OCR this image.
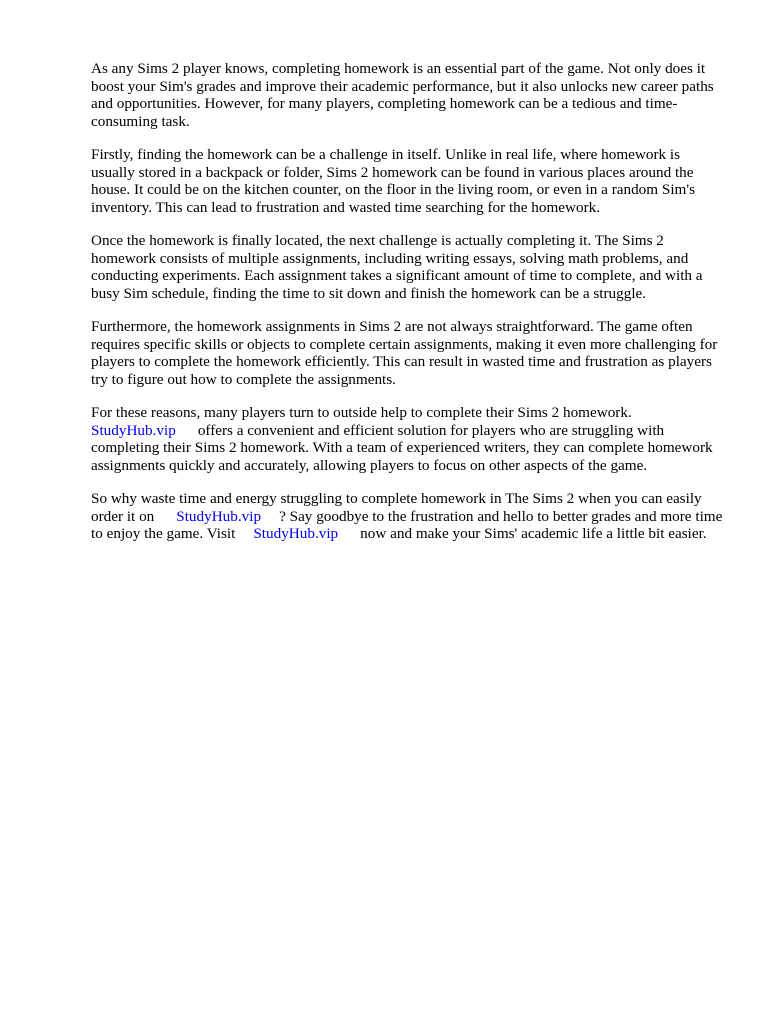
As any Sims 2 player knows, completing homework is an essential part of the game. Not only does it boost your Sim's grades and improve their academic performance, but it also unlocks new career paths and opportunities. However, for many players, completing homework can be a tedious and time-consuming task.

Firstly, finding the homework can be a challenge in itself. Unlike in real life, where homework is usually stored in a backpack or folder, Sims 2 homework can be found in various places around the house. It could be on the kitchen counter, on the floor in the living room, or even in a random Sim's inventory. This can lead to frustration and wasted time searching for the homework.

Once the homework is finally located, the next challenge is actually completing it. The Sims 2 homework consists of multiple assignments, including writing essays, solving math problems, and conducting experiments. Each assignment takes a significant amount of time to complete, and with a busy Sim schedule, finding the time to sit down and finish the homework can be a struggle.

Furthermore, the homework assignments in Sims 2 are not always straightforward. The game often requires specific skills or objects to complete certain assignments, making it even more challenging for players to complete the homework efficiently. This can result in wasted time and frustration as players try to figure out how to complete the assignments.

For these reasons, many players turn to outside help to complete their Sims 2 homework.
StudyHub.vip offers a convenient and efficient solution for players who are struggling with completing their Sims 2 homework. With a team of experienced writers, they can complete homework assignments quickly and accurately, allowing players to focus on other aspects of the game.

So why waste time and energy struggling to complete homework in The Sims 2 when you can easily order it on StudyHub.vip ? Say goodbye to the frustration and hello to better grades and more time to enjoy the game. Visit StudyHub.vip now and make your Sims' academic life a little bit easier.
